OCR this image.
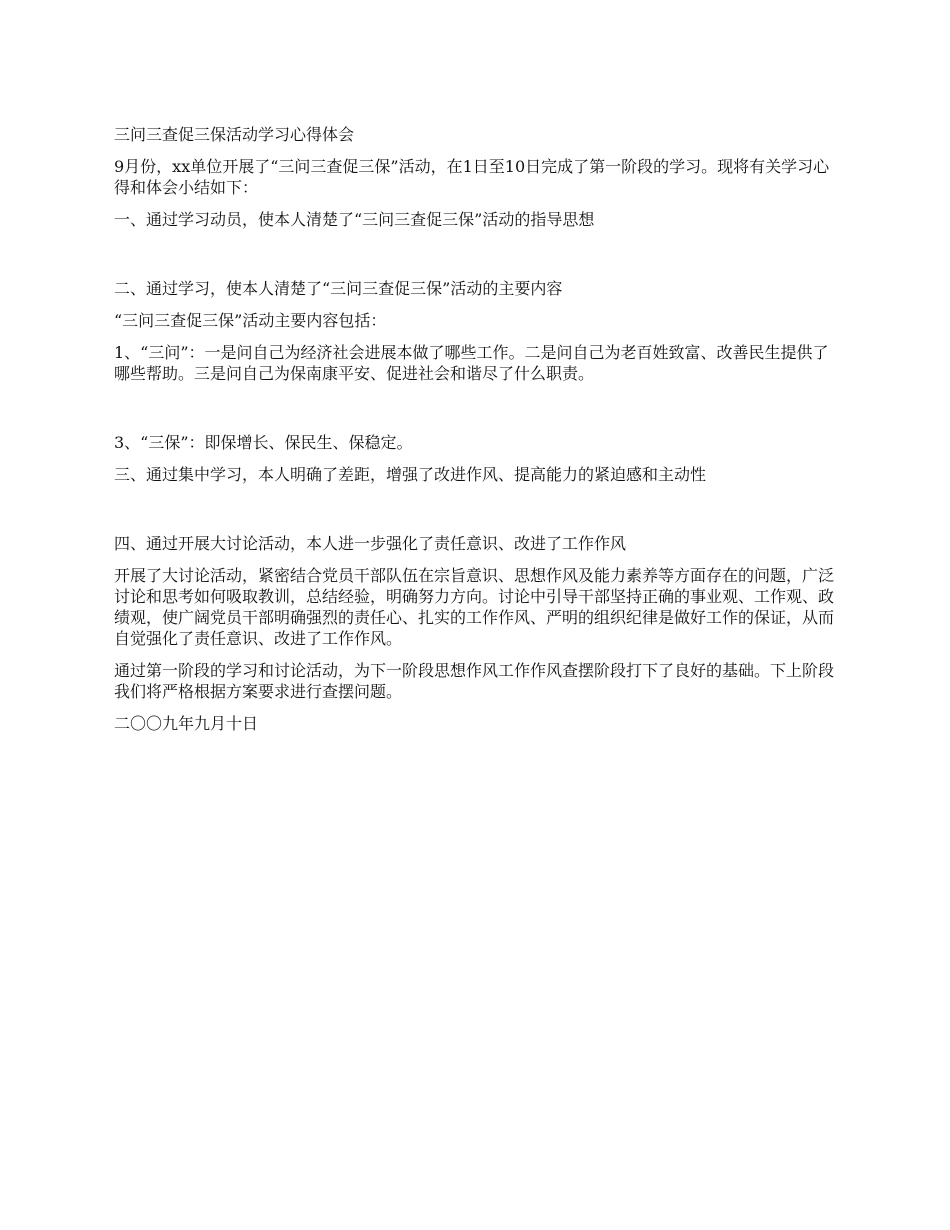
三问三查促三保活动学习心得体会

9月份，xx单位开展了“三问三查促三保”活动，在1日至10日完成了第一阶段的学习。现将有关学习心得和体会小结如下：

一、通过学习动员，使本人清楚了“三问三查促三保”活动的指导思想

二、通过学习，使本人清楚了“三问三查促三保”活动的主要内容

“三问三查促三保”活动主要内容包括：

1、“三问”：一是问自己为经济社会进展本做了哪些工作。二是问自己为老百姓致富、改善民生提供了哪些帮助。三是问自己为保南康平安、促进社会和谐尽了什么职责。

3、“三保”：即保增长、保民生、保稳定。

三、通过集中学习，本人明确了差距，增强了改进作风、提高能力的紧迫感和主动性

四、通过开展大讨论活动，本人进一步强化了责任意识、改进了工作作风

开展了大讨论活动，紧密结合党员干部队伍在宗旨意识、思想作风及能力素养等方面存在的问题，广泛讨论和思考如何吸取教训，总结经验，明确努力方向。讨论中引导干部坚持正确的事业观、工作观、政绩观，使广阔党员干部明确强烈的责任心、扎实的工作作风、严明的组织纪律是做好工作的保证，从而自觉强化了责任意识、改进了工作作风。

通过第一阶段的学习和讨论活动，为下一阶段思想作风工作作风查摆阶段打下了良好的基础。下上阶段我们将严格根据方案要求进行查摆问题。

二〇〇九年九月十日
